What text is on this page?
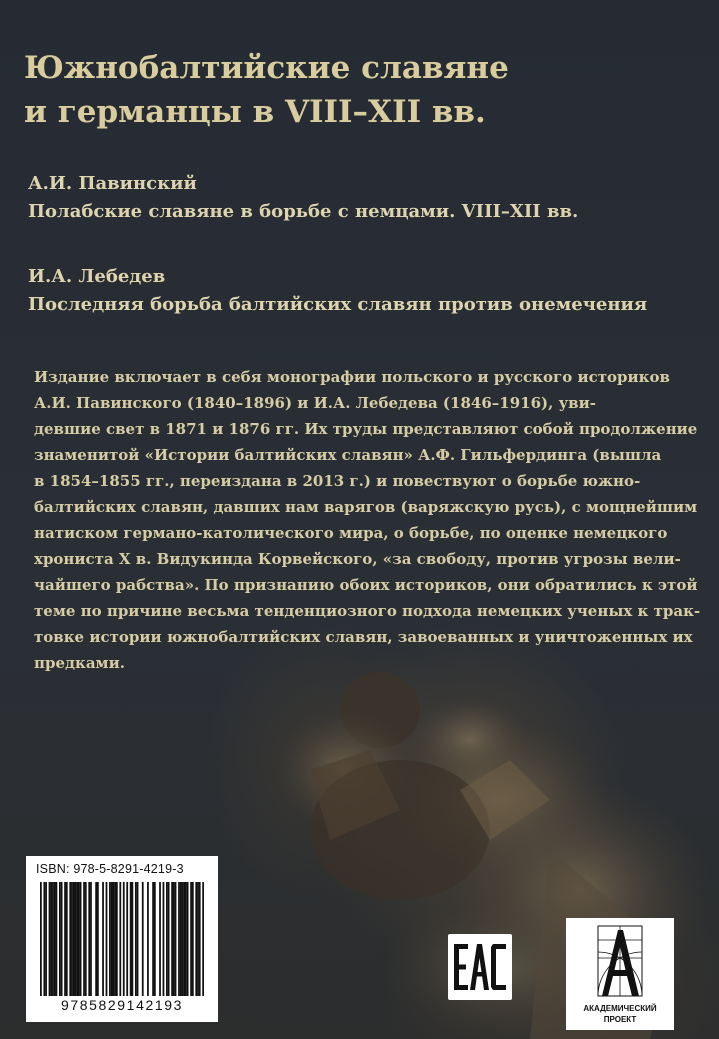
Южнобалтийские славяне
и германцы в VIII–XII вв.
А.И. Павинский
Полабские славяне в борьбе с немцами. VIII–XII вв.
И.А. Лебедев
Последняя борьба балтийских славян против онемечения
Издание включает в себя монографии польского и русского историков
А.И. Павинского (1840–1896) и И.А. Лебедева (1846–1916), уви-
девшие свет в 1871 и 1876 гг. Их труды представляют собой продолжение
знаменитой «Истории балтийских славян» А.Ф. Гильфердинга (вышла
в 1854–1855 гг., переиздана в 2013 г.) и повествуют о борьбе южно-
балтийских славян, давших нам варягов (варяжскую русь), с мощнейшим
натиском германо-католического мира, о борьбе, по оценке немецкого
хрониста X в. Видукинда Корвейского, «за свободу, против угрозы вели-
чайшего рабства». По признанию обоих историков, они обратились к этой
теме по причине весьма тенденциозного подхода немецких ученых к трак-
товке истории южнобалтийских славян, завоеванных и уничтоженных их
предками.
ISBN: 978-5-8291-4219-3
9785829142193	АКАДЕМИЧЕСКИЙ
ПРОЕКТ
